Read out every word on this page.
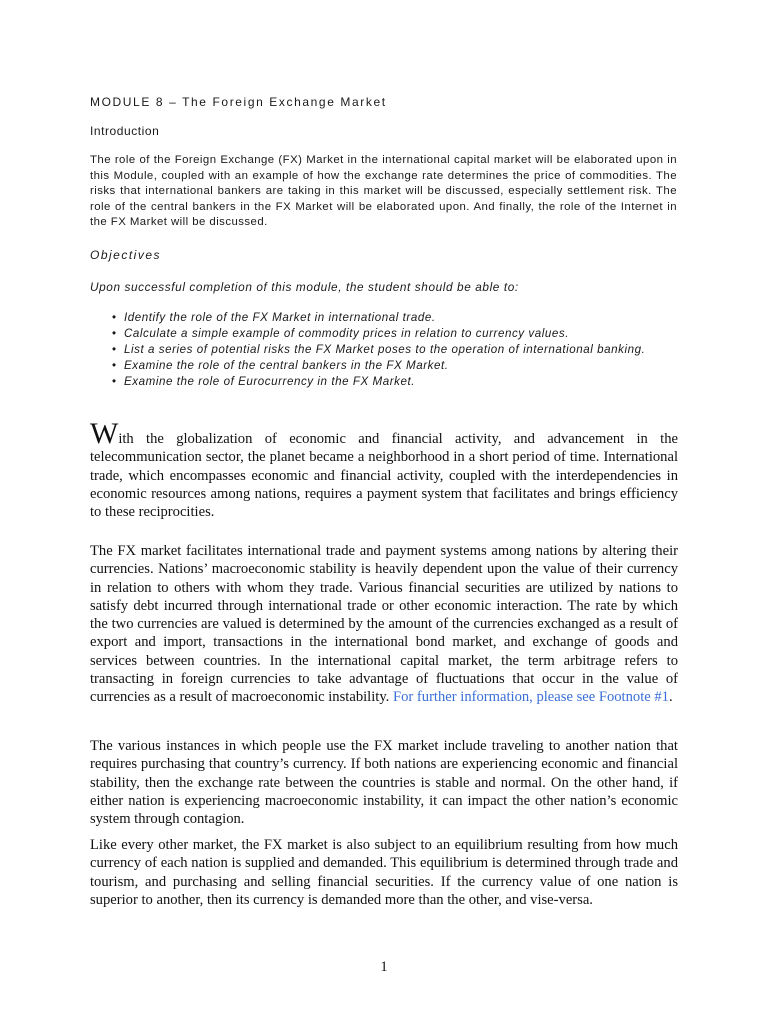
MODULE 8 – The Foreign Exchange Market
Introduction

The role of the Foreign Exchange (FX) Market in the international capital market will be elaborated upon in this Module, coupled with an example of how the exchange rate determines the price of commodities. The risks that international bankers are taking in this market will be discussed, especially settlement risk. The role of the central bankers in the FX Market will be elaborated upon. And finally, the role of the Internet in the FX Market will be discussed.

Objectives
Upon successful completion of this module, the student should be able to:
• Identify the role of the FX Market in international trade.
• Calculate a simple example of commodity prices in relation to currency values.
• List a series of potential risks the FX Market poses to the operation of international banking.
• Examine the role of the central bankers in the FX Market.
• Examine the role of Eurocurrency in the FX Market.

With the globalization of economic and financial activity, and advancement in the telecommunication sector, the planet became a neighborhood in a short period of time. International trade, which encompasses economic and financial activity, coupled with the interdependencies in economic resources among nations, requires a payment system that facilitates and brings efficiency to these reciprocities.

The FX market facilitates international trade and payment systems among nations by altering their currencies. Nations’ macroeconomic stability is heavily dependent upon the value of their currency in relation to others with whom they trade. Various financial securities are utilized by nations to satisfy debt incurred through international trade or other economic interaction. The rate by which the two currencies are valued is determined by the amount of the currencies exchanged as a result of export and import, transactions in the international bond market, and exchange of goods and services between countries. In the international capital market, the term arbitrage refers to transacting in foreign currencies to take advantage of fluctuations that occur in the value of currencies as a result of macroeconomic instability. For further information, please see Footnote #1.

The various instances in which people use the FX market include traveling to another nation that requires purchasing that country’s currency. If both nations are experiencing economic and financial stability, then the exchange rate between the countries is stable and normal. On the other hand, if either nation is experiencing macroeconomic instability, it can impact the other nation’s economic system through contagion.

Like every other market, the FX market is also subject to an equilibrium resulting from how much currency of each nation is supplied and demanded. This equilibrium is determined through trade and tourism, and purchasing and selling financial securities. If the currency value of one nation is superior to another, then its currency is demanded more than the other, and vise-versa.

1
